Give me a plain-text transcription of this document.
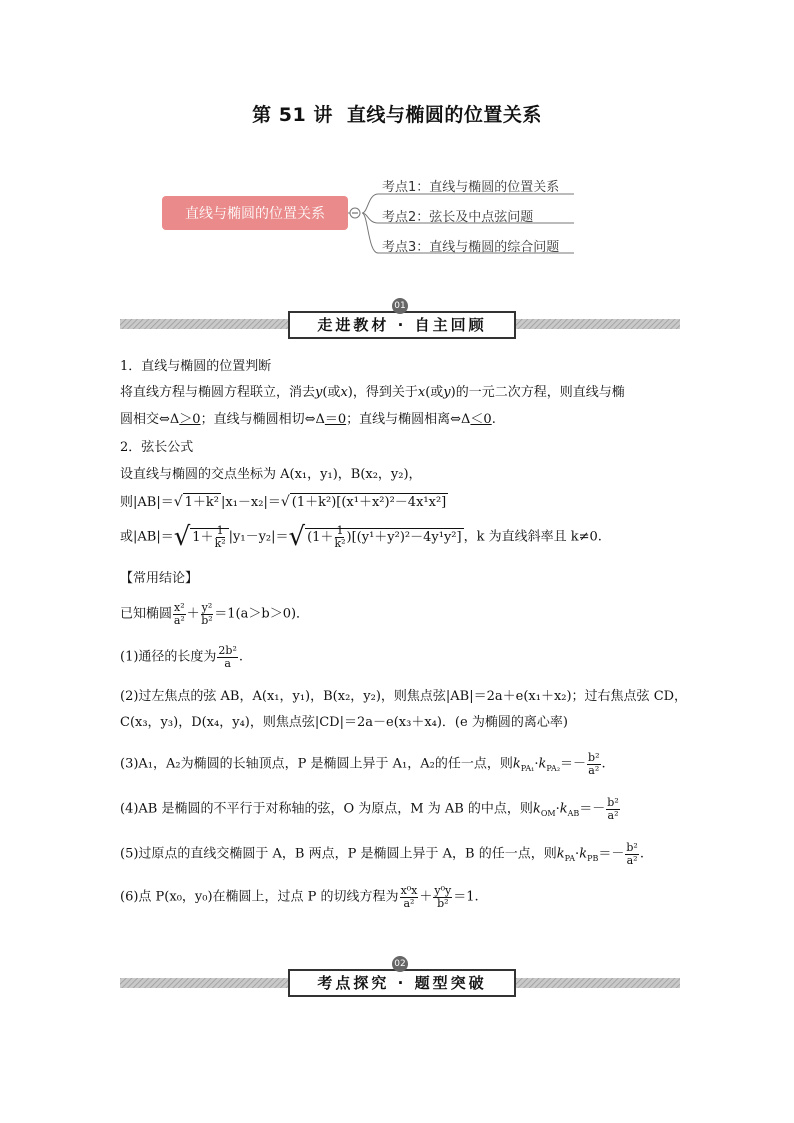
第 51 讲 直线与椭圆的位置关系
直线与椭圆的位置关系
考点1：直线与椭圆的位置关系
考点2：弦长及中点弦问题
考点3：直线与椭圆的综合问题
走进教材 · 自主回顾
01
1．直线与椭圆的位置判断
将直线方程与椭圆方程联立，消去y(或x)，得到关于x(或y)的一元二次方程，则直线与椭
圆相交⇔Δ＞0；直线与椭圆相切⇔Δ＝0；直线与椭圆相离⇔Δ＜0.
2．弦长公式
设直线与椭圆的交点坐标为 A(x₁，y₁)，B(x₂，y₂)，
则|AB|＝√ 1＋k² |x₁－x₂|＝√ (1＋k²)[(x¹＋x²)²－4x¹x²]
或|AB|＝√ $1+ \frac{1}{\text{k²}} |y_1-y_2|=√$ $(1+ \frac{1}{\text{k²}} )[(y^1+y^2)^2-4y^1y^2]$ ，k 为直线斜率且 k≠0.
【常用结论】
已知椭圆 $\frac{\text{x²}}{\text{a²}} + \frac{\text{y²}}{\text{b²}} =1(a>b>0)$．
(1)通径的长度为 $\frac{\text{2b²}}{a}$ .
(2)过左焦点的弦 AB，A(x₁，y₁)，B(x₂，y₂)，则焦点弦|AB|＝2a＋e(x₁＋x₂)；过右焦点弦 CD，
C(x₃，y₃)，D(x₄，y₄)，则焦点弦|CD|＝2a－e(x₃＋x₄)．(e 为椭圆的离心率)
(3)A₁，A₂为椭圆的长轴顶点，P 是椭圆上异于 A₁，A₂的任一点，则$k_{PA_1}\cdot k_{PA_2}=- \frac{\text{b²}}{\text{a²}}$ .
(4)AB 是椭圆的不平行于对称轴的弦，O 为原点，M 为 AB 的中点，则$k_{OM}\cdot k_{AB}=- \frac{\text{b²}}{\text{a²}}$
(5)过原点的直线交椭圆于 A，B 两点，P 是椭圆上异于 A，B 的任一点，则$k_{PA}\cdot k_{PB}=- \frac{\text{b²}}{\text{a²}}$ .
(6)点 P(x₀，y₀)在椭圆上，过点 P 的切线方程为 $\frac{\text{x⁰x}}{\text{a²}} + \frac{\text{y⁰y}}{\text{b²}} =1$.
考点探究 · 题型突破
02
